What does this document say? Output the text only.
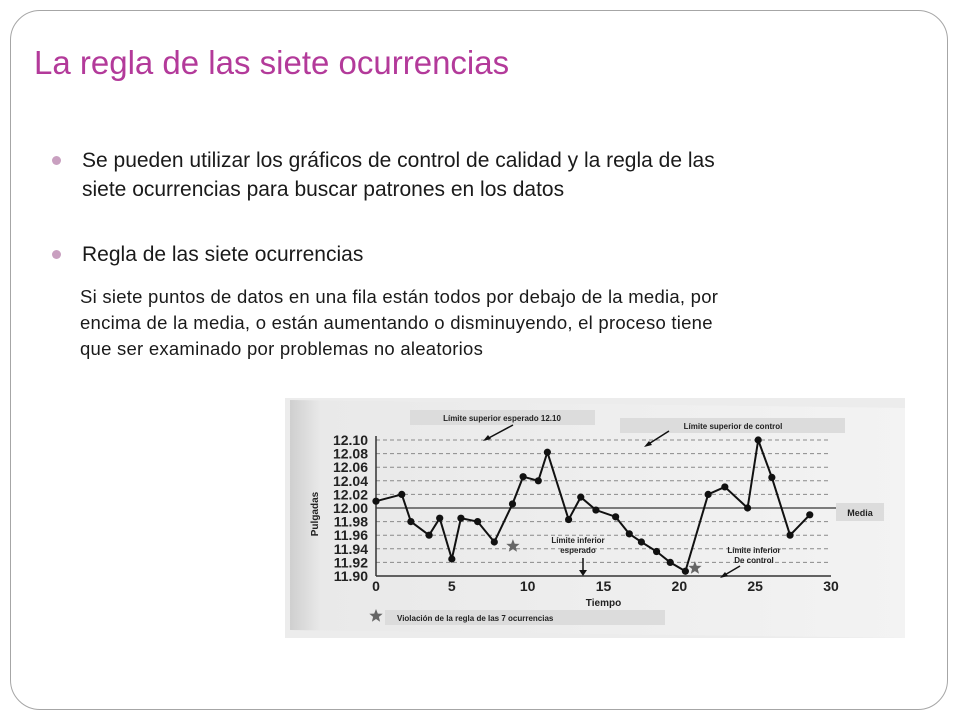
La regla de las siete ocurrencias
Se pueden utilizar los gráficos de control de calidad y la regla de las
siete ocurrencias para buscar patrones en los datos
Regla de las siete ocurrencias
Si siete puntos de datos en una fila están todos por debajo de la media, por
encima de la media, o están aumentando o disminuyendo, el proceso tiene
que ser examinado por problemas no aleatorios
12.10
12.08
12.06
12.04
12.02
12.00
11.98
11.96
11.94
11.92
11.90
0	5	10	15	20	25	30
Pulgadas
Tiempo
Límite superior esperado 12.10
Límite superior de control
Media
Límite inferior
esperado	Límite inferior
De control
Violación de la regla de las 7 ocurrencias
